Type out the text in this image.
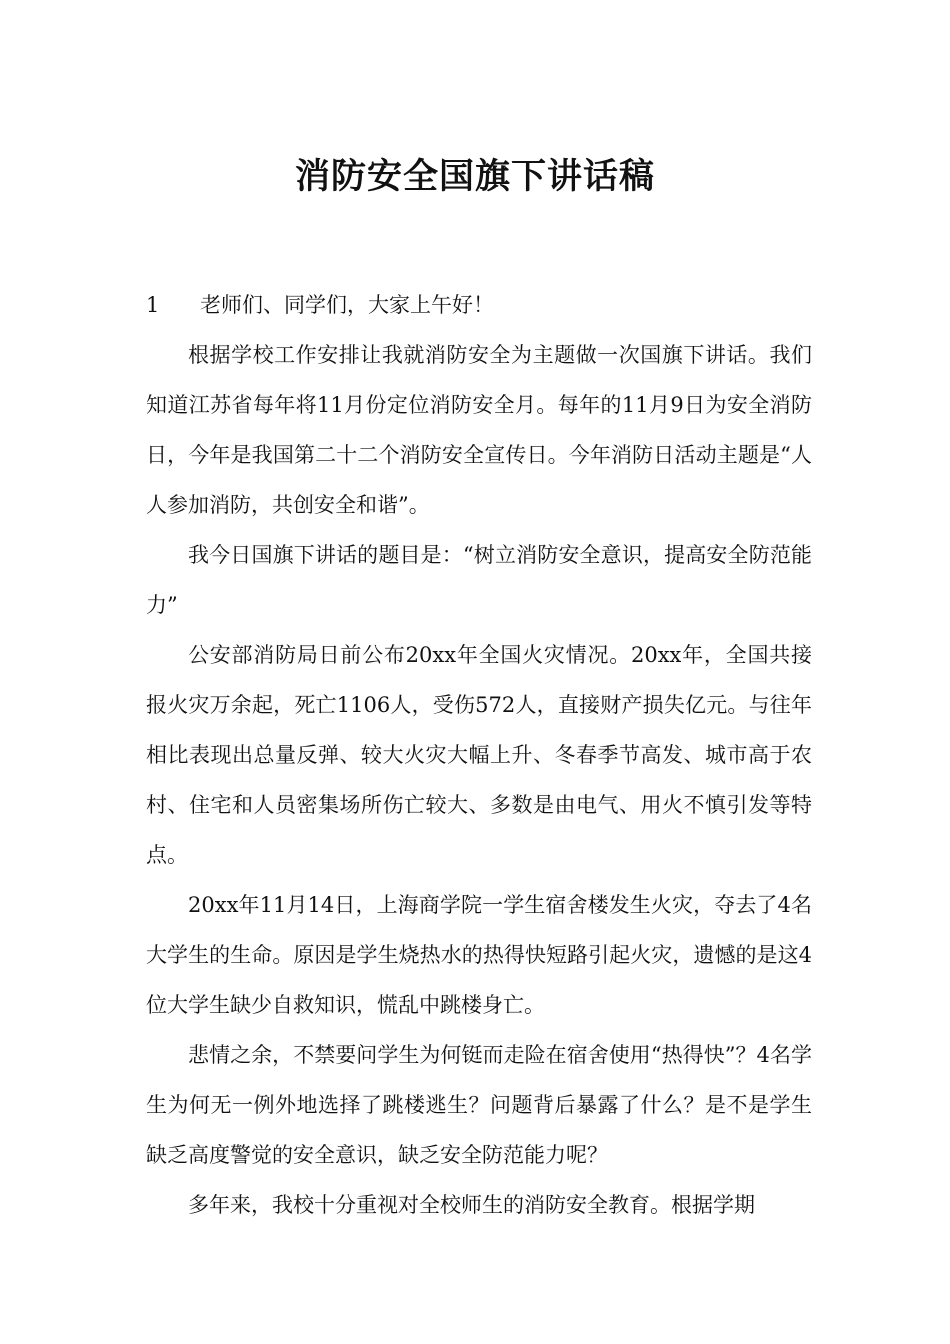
消防安全国旗下讲话稿

1 老师们、同学们，大家上午好！

根据学校工作安排让我就消防安全为主题做一次国旗下讲话。我们知道江苏省每年将11月份定位消防安全月。每年的11月9日为安全消防日，今年是我国第二十二个消防安全宣传日。今年消防日活动主题是“人人参加消防，共创安全和谐”。

我今日国旗下讲话的题目是：“树立消防安全意识，提高安全防范能力”

公安部消防局日前公布20xx年全国火灾情况。20xx年，全国共接报火灾万余起，死亡1106人，受伤572人，直接财产损失亿元。与往年相比表现出总量反弹、较大火灾大幅上升、冬春季节高发、城市高于农村、住宅和人员密集场所伤亡较大、多数是由电气、用火不慎引发等特点。

20xx年11月14日，上海商学院一学生宿舍楼发生火灾，夺去了4名大学生的生命。原因是学生烧热水的热得快短路引起火灾，遗憾的是这4位大学生缺少自救知识，慌乱中跳楼身亡。

悲情之余，不禁要问学生为何铤而走险在宿舍使用“热得快”？4名学生为何无一例外地选择了跳楼逃生？问题背后暴露了什么？是不是学生缺乏高度警觉的安全意识，缺乏安全防范能力呢？

多年来，我校十分重视对全校师生的消防安全教育。根据学期
